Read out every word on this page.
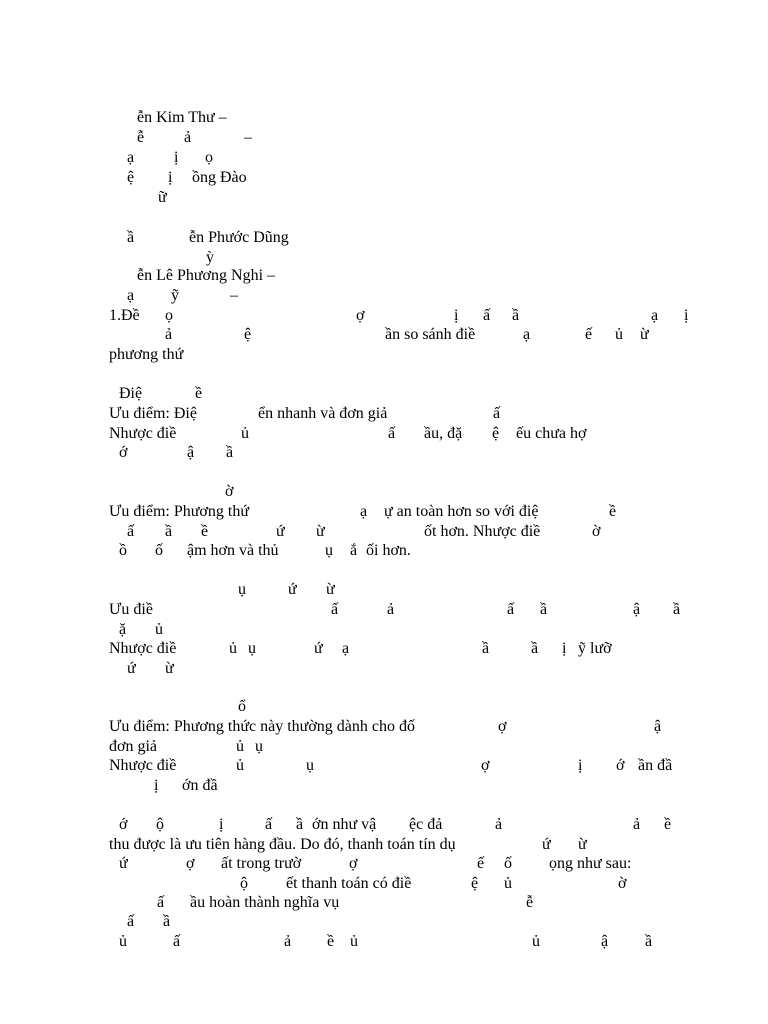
ễn Kim Thư –
ễ ả	–
ạ ị ọ
ệ ị ồng Đào
ữ
ầ	ễn Phước Dũng
ỳ
ễn Lê Phương Nghi –
ạ ỹ	–
1.Đề ọ	ợ	ị ấ ầ	ạ ị
ả	ệ	ần so sánh điề	ạ	ế ủ ừ
phương thứ
Điệ	ề
Ưu điểm: Điệ	ển nhanh và đơn giả	ấ
Nhược điề	ủ	ấ ầu, đặ ệ ếu chưa hợ
ớ	ậ ầ
ờ
Ưu điểm: Phương thứ	ạ ự an toàn hơn so với điệ	ề
ấ ầ ề	ứ ừ	ốt hơn. Nhược điề	ờ
ồ ố ậm hơn và thủ	ụ ắ ối hơn.
ụ	ứ ừ
Ưu điề	ấ	ả	ấ ầ	ậ ầ
ặ ủ
Nhược điề	ủ ụ	ứ ạ	ầ	ầ ị ỹ lưỡ
ứ ừ
ổ
Ưu điểm: Phương thức này thường dành cho đố	ợ	ậ
đơn giả	ủ ụ
Nhược điề	ủ	ụ	ợ	ị ớ ần đầ
ị ớn đầ
ớ ộ	ị	ấ ầ ớn như vậ ệc đả	ả	ả ề
thu được là ưu tiên hàng đầu. Do đó, thanh toán tín dụ	ứ ừ
ứ	ợ ất trong trườ	ợ	ế ố ọng như sau:
ộ ết thanh toán có điề	ệ ủ	ờ
ấ ầu hoàn thành nghĩa vụ	ễ
ấ ầ
ủ	ấ	ả ề ủ	ủ	ậ ầ
